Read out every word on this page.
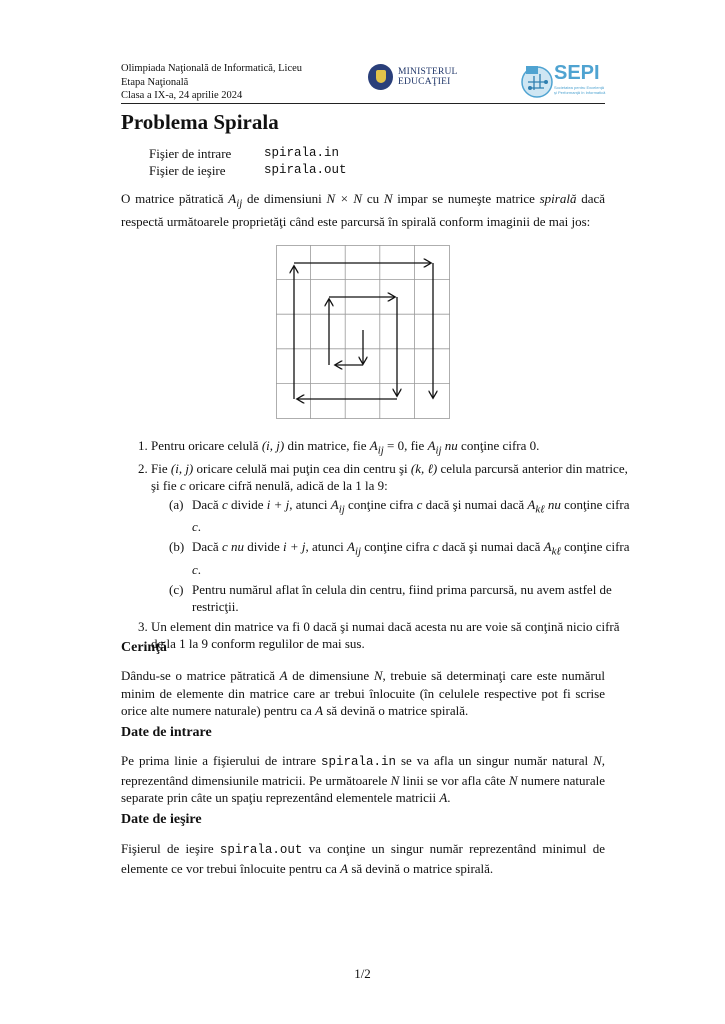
Olimpiada Naţională de Informatică, Liceu
Etapa Naţională
Clasa a IX-a, 24 aprilie 2024
MINISTERUL EDUCAŢIEI	SEPI
Societatea pentru Excelenţă şi Performanţă în Informatică
Problema Spirala
Fişier de intrare	spirala.in
Fişier de ieşire	spirala.out

O matrice pătratică $A_{ij}$ de dimensiuni N × N cu N impar se numeşte matrice spirală dacă respectă următoarele proprietăţi când este parcursă în spirală conform imaginii de mai jos:

1. Pentru oricare celulă (i, j) din matrice, fie $A_{ij} = 0$, fie $A_{ij}$ nu conţine cifra 0.
2. Fie (i, j) oricare celulă mai puţin cea din centru şi (k, ℓ) celula parcursă anterior din matrice, şi fie c oricare cifră nenulă, adică de la 1 la 9:
(a) Dacă c divide i + j, atunci $A_{ij}$ conţine cifra c dacă şi numai dacă $A_{k\ell}$ nu conţine cifra c.
(b) Dacă c nu divide i + j, atunci $A_{ij}$ conţine cifra c dacă şi numai dacă $A_{k\ell}$ conţine cifra c.
(c) Pentru numărul aflat în celula din centru, fiind prima parcursă, nu avem astfel de restricţii.
3. Un element din matrice va fi 0 dacă şi numai dacă acesta nu are voie să conţină nicio cifră de la 1 la 9 conform regulilor de mai sus.
Cerinţă

Dându-se o matrice pătratică A de dimensiune N, trebuie să determinaţi care este numărul minim de elemente din matrice care ar trebui înlocuite (în celulele respective pot fi scrise orice alte numere naturale) pentru ca A să devină o matrice spirală.

Date de intrare

Pe prima linie a fişierului de intrare spirala.in se va afla un singur număr natural N, reprezentând dimensiunile matricii. Pe următoarele N linii se vor afla câte N numere naturale separate prin câte un spaţiu reprezentând elementele matricii A.

Date de ieşire

Fişierul de ieşire spirala.out va conţine un singur număr reprezentând minimul de elemente ce vor trebui înlocuite pentru ca A să devină o matrice spirală.

1/2
